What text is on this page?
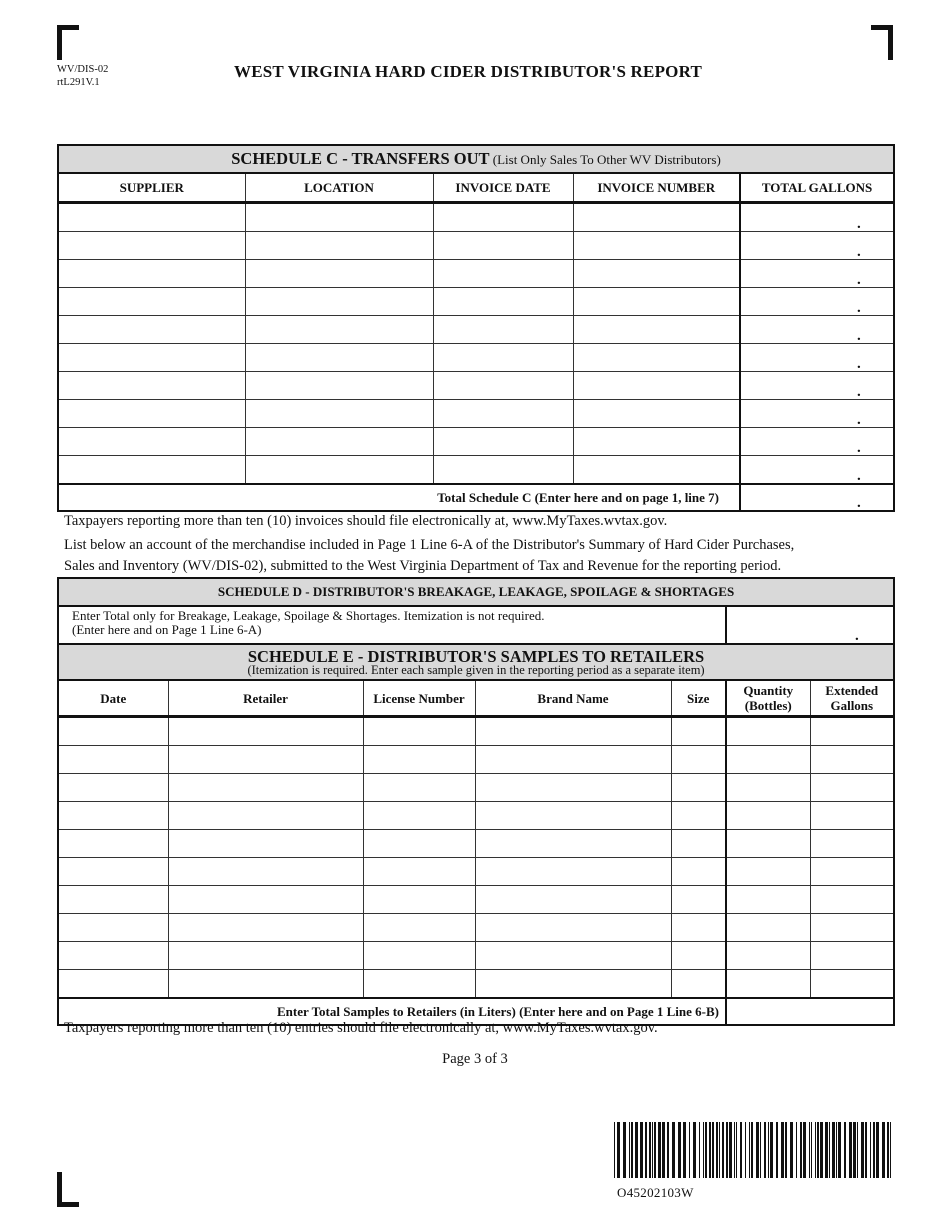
WV/DIS-02
rtL291V.1
WEST VIRGINIA HARD CIDER DISTRIBUTOR'S REPORT
SCHEDULE C - TRANSFERS OUT (List Only Sales To Other WV Distributors)				
SUPPLIER	LOCATION	INVOICE DATE	INVOICE NUMBER	TOTAL GALLONS

				.

				.

				.

				.

				.

				.

				.

				.

				.

				.

Total Schedule C (Enter here and on page 1, line 7)				.
Taxpayers reporting more than ten (10) invoices should file electronically at, www.MyTaxes.wvtax.gov.
List below an account of the merchandise included in Page 1 Line 6-A of the Distributor's Summary of Hard Cider Purchases,
Sales and Inventory (WV/DIS-02), submitted to the West Virginia Department of Tax and Revenue for the reporting period.
SCHEDULE D - DISTRIBUTOR'S BREAKAGE, LEAKAGE, SPOILAGE & SHORTAGES						

Enter Total only for Breakage, Leakage, Spoilage & Shortages. Itemization is not required.
(Enter here and on Page 1 Line 6-A)					.	

SCHEDULE E - DISTRIBUTOR'S SAMPLES TO RETAILERS
(Itemization is required. Enter each sample given in the reporting period as a separate item)						

Date	Retailer	License Number	Brand Name	Size	Quantity (Bottles)	Extended Gallons

Enter Total Samples to Retailers (in Liters) (Enter here and on Page 1 Line 6-B)						
Taxpayers reporting more than ten (10) entries should file electronically at, www.MyTaxes.wvtax.gov.
Page 3 of 3
O45202103W
